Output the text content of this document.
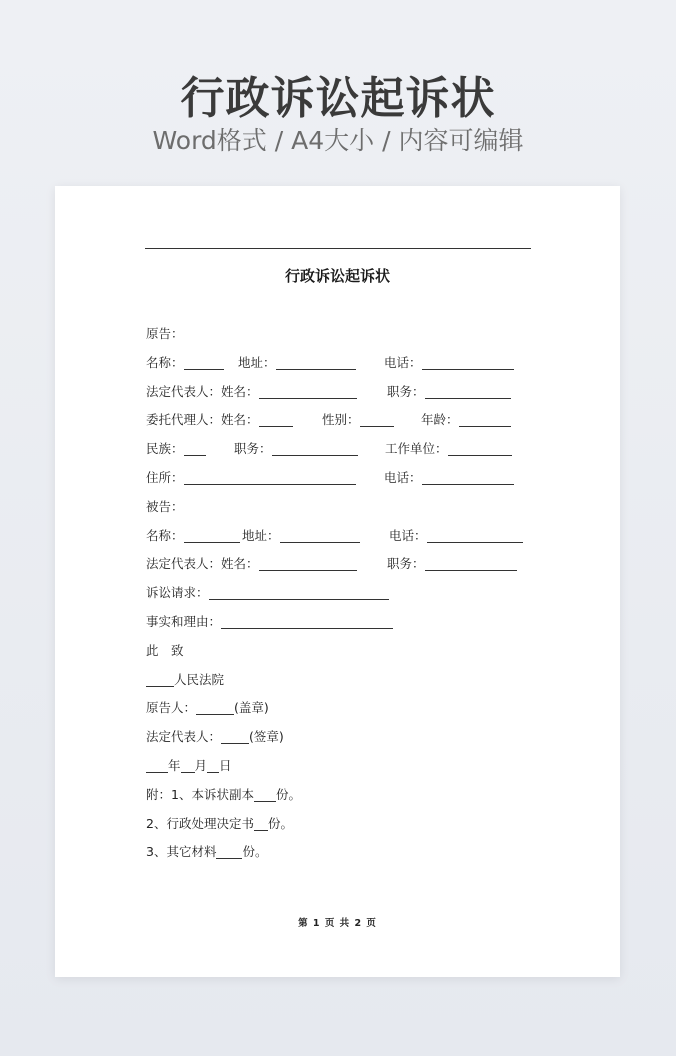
行政诉讼起诉状

Word格式 / A4大小 / 内容可编辑

行政诉讼起诉状
原告：
名称：	地址：	电话：
法定代表人：姓名：	职务：
委托代理人：姓名：	性别：	年龄：
民族：	职务：	工作单位：
住所：	电话：
被告：
名称：	地址：	电话：
法定代表人：姓名：	职务：
诉讼请求：
事实和理由：
此　致
人民法院
原告人：	(盖章)
法定代表人： (签章)
年 月 日
附：1、本诉状副本 份。
2、行政处理决定书 份。
3、其它材料 份。
第 1 页 共 2 页
